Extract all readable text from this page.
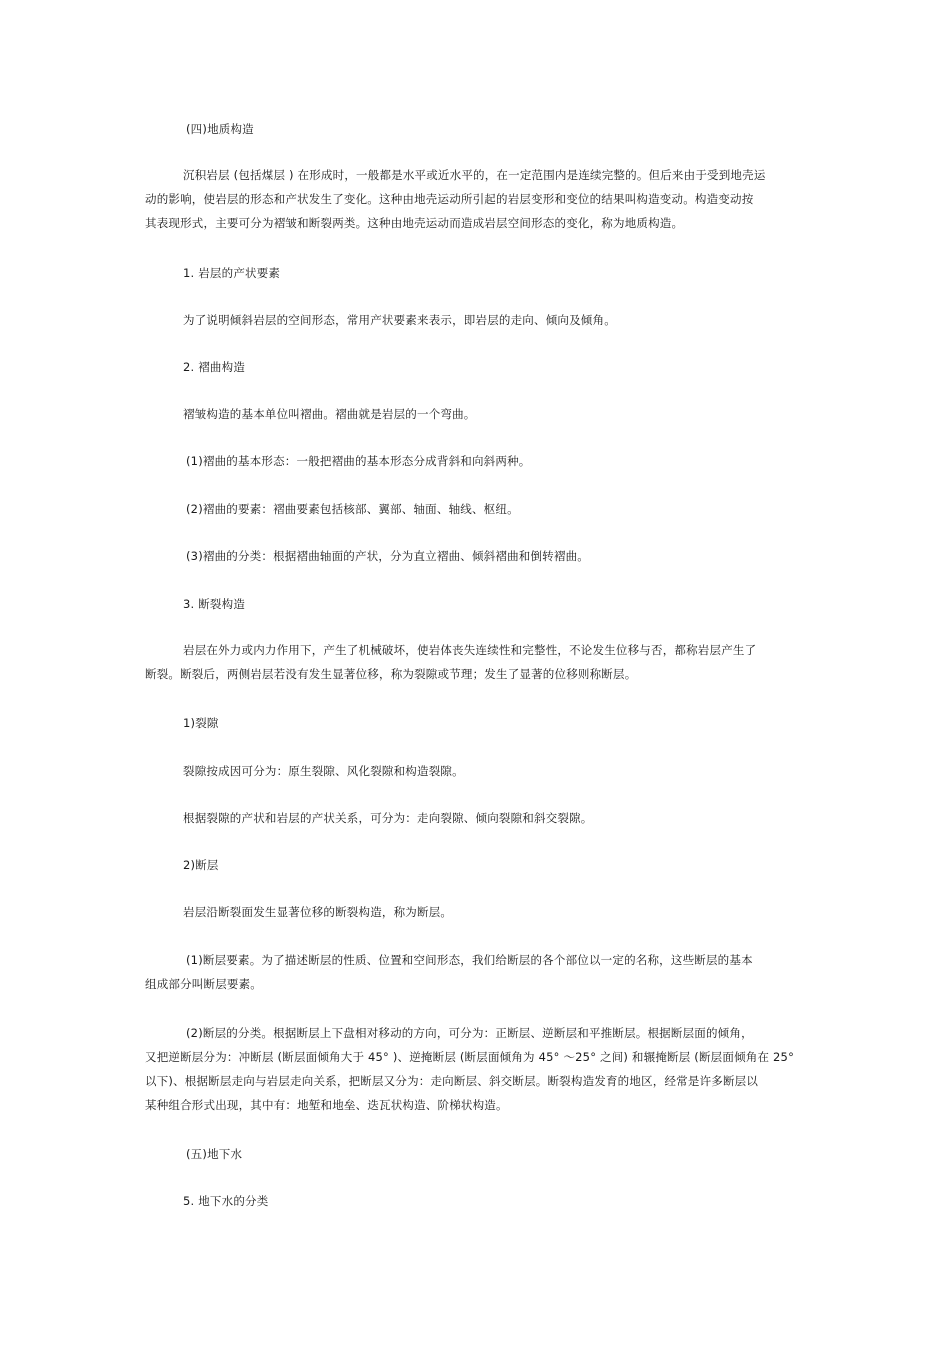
(四)地质构造
沉积岩层 (包括煤层 ) 在形成时，一般都是水平或近水平的，在一定范围内是连续完整的。但后来由于受到地壳运
动的影响，使岩层的形态和产状发生了变化。这种由地壳运动所引起的岩层变形和变位的结果叫构造变动。构造变动按
其表现形式，主要可分为褶皱和断裂两类。这种由地壳运动而造成岩层空间形态的变化，称为地质构造。
1. 岩层的产状要素
为了说明倾斜岩层的空间形态，常用产状要素来表示，即岩层的走向、倾向及倾角。
2. 褶曲构造
褶皱构造的基本单位叫褶曲。褶曲就是岩层的一个弯曲。
(1)褶曲的基本形态：一般把褶曲的基本形态分成背斜和向斜两种。
(2)褶曲的要素：褶曲要素包括核部、翼部、轴面、轴线、枢纽。
(3)褶曲的分类：根据褶曲轴面的产状，分为直立褶曲、倾斜褶曲和倒转褶曲。
3. 断裂构造
岩层在外力或内力作用下，产生了机械破坏，使岩体丧失连续性和完整性，不论发生位移与否，都称岩层产生了
断裂。断裂后，两侧岩层若没有发生显著位移，称为裂隙或节理；发生了显著的位移则称断层。
1)裂隙
裂隙按成因可分为：原生裂隙、风化裂隙和构造裂隙。
根据裂隙的产状和岩层的产状关系，可分为：走向裂隙、倾向裂隙和斜交裂隙。
2)断层
岩层沿断裂面发生显著位移的断裂构造，称为断层。
(1)断层要素。为了描述断层的性质、位置和空间形态，我们给断层的各个部位以一定的名称，这些断层的基本
组成部分叫断层要素。
(2)断层的分类。根据断层上下盘相对移动的方向，可分为：正断层、逆断层和平推断层。根据断层面的倾角，
又把逆断层分为：冲断层 (断层面倾角大于 45° )、逆掩断层 (断层面倾角为 45° ～25° 之间) 和辗掩断层 (断层面倾角在 25°
以下)、根据断层走向与岩层走向关系，把断层又分为：走向断层、斜交断层。断裂构造发育的地区，经常是许多断层以
某种组合形式出现，其中有：地堑和地垒、迭瓦状构造、阶梯状构造。
(五)地下水
5. 地下水的分类
